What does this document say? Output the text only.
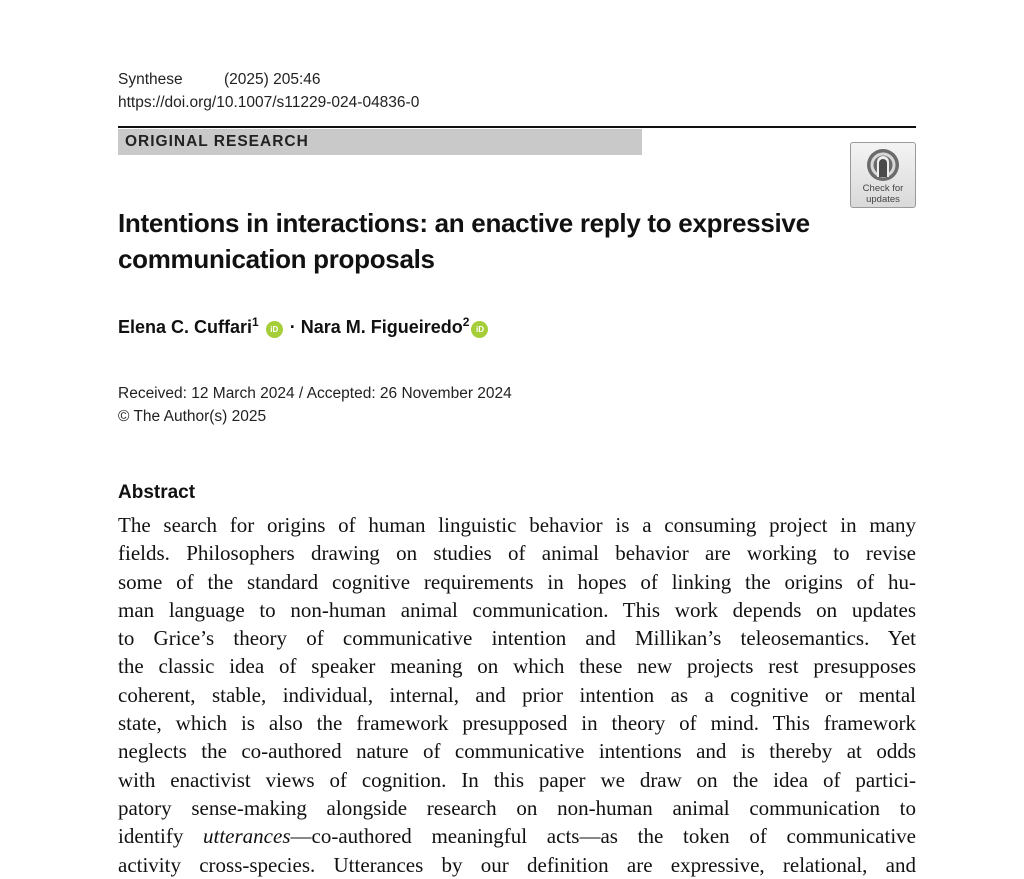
Synthese	(2025) 205:46
https://doi.org/10.1007/s11229-024-04836-0
ORIGINAL RESEARCH
Check for
updates
Intentions in interactions: an enactive reply to expressive
communication proposals
Elena C. Cuffari$^1$ iD · Nara M. Figueiredo$^2$iD
Received: 12 March 2024 / Accepted: 26 November 2024
© The Author(s) 2025
Abstract
The search for origins of human linguistic behavior is a consuming project in many
fields. Philosophers drawing on studies of animal behavior are working to revise
some of the standard cognitive requirements in hopes of linking the origins of hu-
man language to non-human animal communication. This work depends on updates
to Grice’s theory of communicative intention and Millikan’s teleosemantics. Yet
the classic idea of speaker meaning on which these new projects rest presupposes
coherent, stable, individual, internal, and prior intention as a cognitive or mental
state, which is also the framework presupposed in theory of mind. This framework
neglects the co-authored nature of communicative intentions and is thereby at odds
with enactivist views of cognition. In this paper we draw on the idea of partici-
patory sense-making alongside research on non-human animal communication to
identify utterances—co-authored meaningful acts—as the token of communicative
activity cross-species. Utterances by our definition are expressive, relational, and
